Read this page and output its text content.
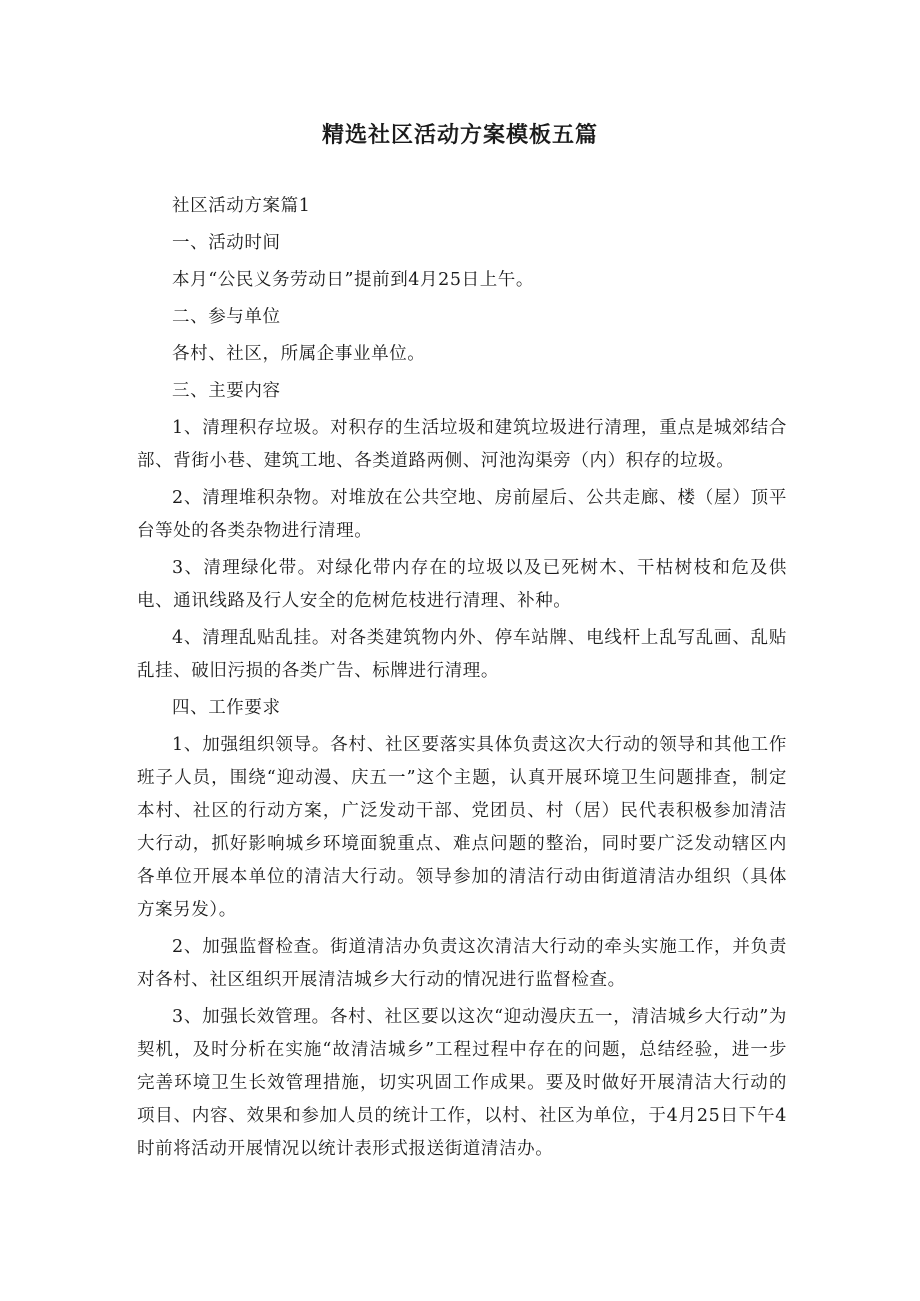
精选社区活动方案模板五篇

社区活动方案篇1

一、活动时间

本月“公民义务劳动日”提前到4月25日上午。

二、参与单位

各村、社区，所属企事业单位。

三、主要内容

1、清理积存垃圾。对积存的生活垃圾和建筑垃圾进行清理，重点是城郊结合部、背街小巷、建筑工地、各类道路两侧、河池沟渠旁（内）积存的垃圾。

2、清理堆积杂物。对堆放在公共空地、房前屋后、公共走廊、楼（屋）顶平台等处的各类杂物进行清理。

3、清理绿化带。对绿化带内存在的垃圾以及已死树木、干枯树枝和危及供电、通讯线路及行人安全的危树危枝进行清理、补种。

4、清理乱贴乱挂。对各类建筑物内外、停车站牌、电线杆上乱写乱画、乱贴乱挂、破旧污损的各类广告、标牌进行清理。

四、工作要求

1、加强组织领导。各村、社区要落实具体负责这次大行动的领导和其他工作班子人员，围绕“迎动漫、庆五一”这个主题，认真开展环境卫生问题排查，制定本村、社区的行动方案，广泛发动干部、党团员、村（居）民代表积极参加清洁大行动，抓好影响城乡环境面貌重点、难点问题的整治，同时要广泛发动辖区内各单位开展本单位的清洁大行动。领导参加的清洁行动由街道清洁办组织（具体方案另发）。

2、加强监督检查。街道清洁办负责这次清洁大行动的牵头实施工作，并负责对各村、社区组织开展清洁城乡大行动的情况进行监督检查。

3、加强长效管理。各村、社区要以这次“迎动漫庆五一，清洁城乡大行动”为契机，及时分析在实施“故清洁城乡”工程过程中存在的问题，总结经验，进一步完善环境卫生长效管理措施，切实巩固工作成果。要及时做好开展清洁大行动的项目、内容、效果和参加人员的统计工作，以村、社区为单位，于4月25日下午4时前将活动开展情况以统计表形式报送街道清洁办。
